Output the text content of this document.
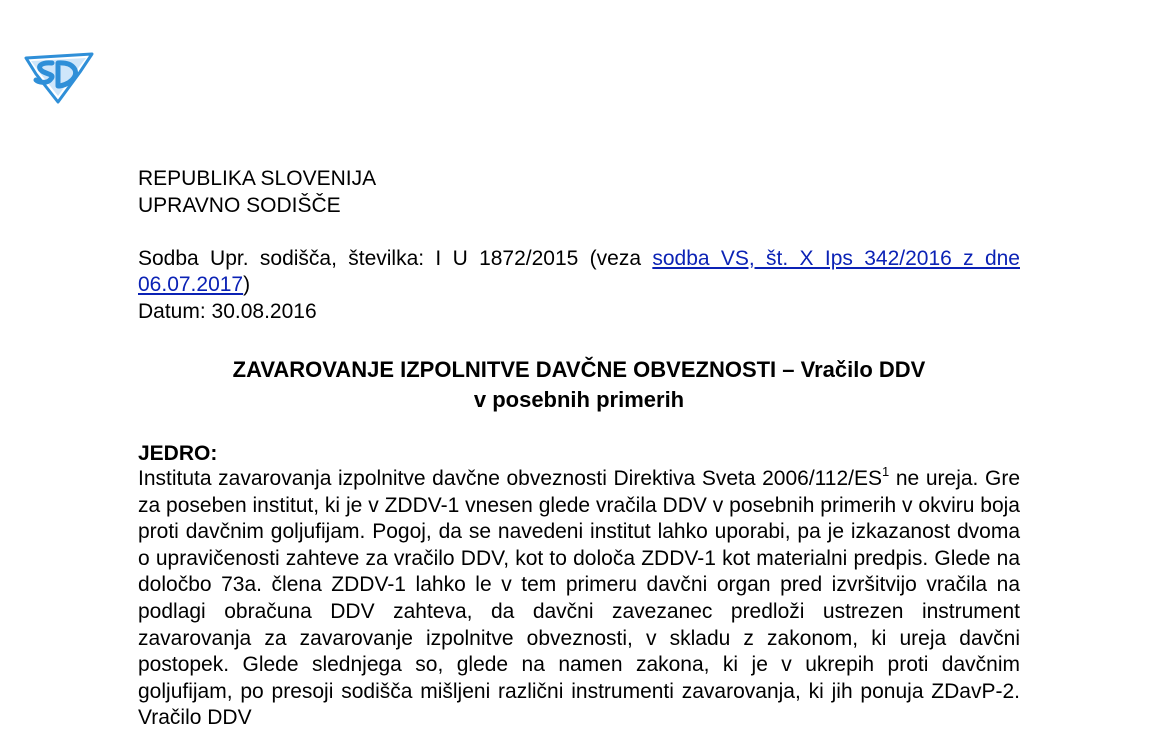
REPUBLIKA SLOVENIJA
UPRAVNO SODIŠČE
Sodba Upr. sodišča, številka: I U 1872/2015 (veza sodba VS, št. X Ips 342/2016 z dne 06.07.2017)
Datum: 30.08.2016
ZAVAROVANJE IZPOLNITVE DAVČNE OBVEZNOSTI – Vračilo DDV
v posebnih primerih
JEDRO:
Instituta zavarovanja izpolnitve davčne obveznosti Direktiva Sveta $2006/112/ES^1$ ne ureja. Gre za poseben institut, ki je v ZDDV-1 vnesen glede vračila DDV v posebnih primerih v okviru boja proti davčnim goljufijam. Pogoj, da se navedeni institut lahko uporabi, pa je izkazanost dvoma o upravičenosti zahteve za vračilo DDV, kot to določa ZDDV-1 kot materialni predpis. Glede na določbo 73a. člena ZDDV-1 lahko le v tem primeru davčni organ pred izvršitvijo vračila na podlagi obračuna DDV zahteva, da davčni zavezanec predloži ustrezen instrument zavarovanja za zavarovanje izpolnitve obveznosti, v skladu z zakonom, ki ureja davčni postopek. Glede slednjega so, glede na namen zakona, ki je v ukrepih proti davčnim goljufijam, po presoji sodišča mišljeni različni instrumenti zavarovanja, ki jih ponuja ZDavP-2. Vračilo DDV
